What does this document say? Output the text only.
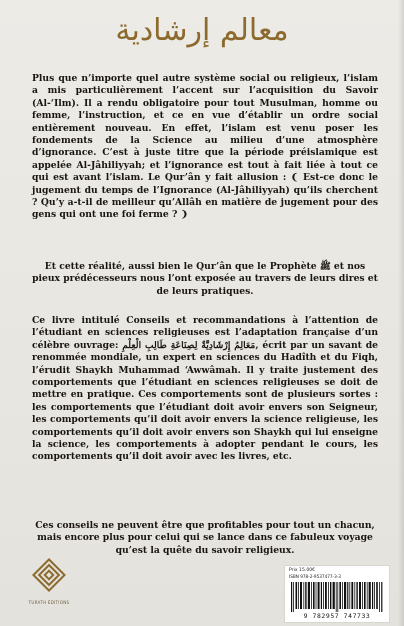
معالم إرشادية
Plus que n’importe quel autre système social ou religieux, l’islam a mis particulièrement l’accent sur l’acquisition du Savoir (Al-‘Ilm). Il a rendu obligatoire pour tout Musulman, homme ou femme, l’instruction, et ce en vue d’établir un ordre social entièrement nouveau. En effet, l’islam est venu poser les fondements de la Science au milieu d’une atmosphère d’ignorance. C’est à juste titre que la période préislamique est appelée Al-Jâhiliyyah; et l’ignorance est tout à fait liée à tout ce qui est avant l’islam. Le Qur’ân y fait allusion : ❨ Est-ce donc le jugement du temps de l’Ignorance (Al-Jâhiliyyah) qu’ils cherchent ? Qu’y a-t-il de meilleur qu’Allâh en matière de jugement pour des gens qui ont une foi ferme ? ❩
Et cette réalité, aussi bien le Qur’ân que le Prophète ﷺ et nos pieux prédécesseurs nous l’ont exposée au travers de leurs dires et de leurs pratiques.
Ce livre intitulé Conseils et recommandations à l’attention de l’étudiant en sciences religieuses est l’adaptation française d’un célèbre ouvrage: مَعَالِمُ إِرْشَادِيَّةٌ لِصِنَاعَةِ طَالِبِ الْعِلْمِ, écrit par un savant de renommée mondiale, un expert en sciences du Hadîth et du Fiqh, l’érudit Shaykh Muhammad ‘Awwâmah. Il y traite justement des comportements que l’étudiant en sciences religieuses se doit de mettre en pratique. Ces comportements sont de plusieurs sortes : les comportements que l’étudiant doit avoir envers son Seigneur, les comportements qu’il doit avoir envers la science religieuse, les comportements qu’il doit avoir envers son Shaykh qui lui enseigne la science, les comportements à adopter pendant le cours, les comportements qu’il doit avoir avec les livres, etc.
Ces conseils ne peuvent être que profitables pour tout un chacun, mais encore plus pour celui qui se lance dans ce fabuleux voyage qu’est la quête du savoir religieux.
TURATH ÉDITIONS
Prix 15.00€
ISBN 978-2-9537477-3-3
9 782957 747733
